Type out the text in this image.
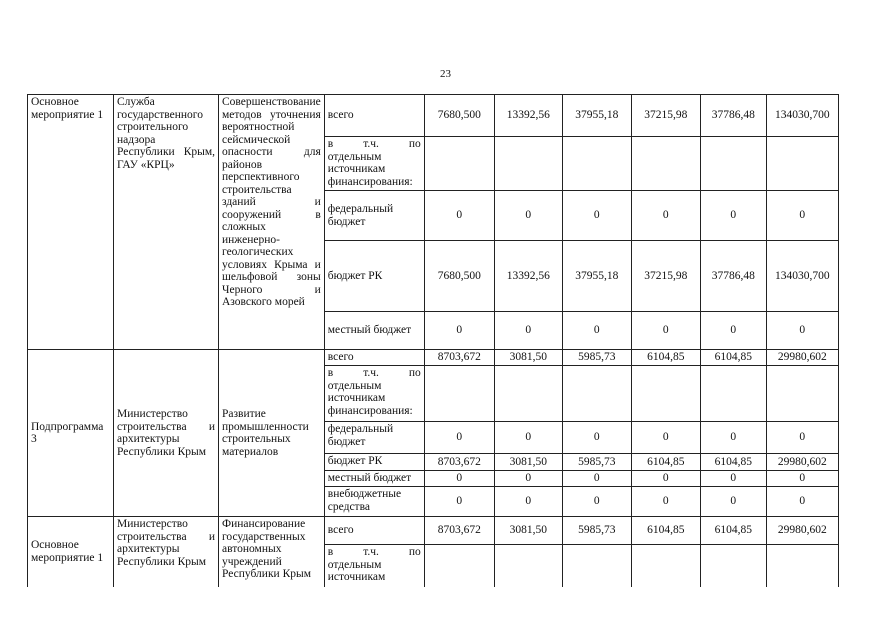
23
Основное мероприятие 1	Служба государственного строительного надзора Республики Крым, ГАУ «КРЦ»	Совершенствование методов уточнения вероятностной сейсмической опасности для районов перспективного строительства зданий и сооружений в сложных инженерно-геологических условиях Крыма и шельфовой зоны Черного и Азовского морей	всего	7680,500	13392,56	37955,18	37215,98	37786,48	134030,700

			в т.ч. по отдельным источникам финансирования:						

			федеральный бюджет	0	0	0	0	0	0
			бюджет РК	7680,500	13392,56	37955,18	37215,98	37786,48	134030,700
			местный бюджет	0	0	0	0	0	0
Подпрограмма 3	Министерство строительства и архитектуры Республики Крым	Развитие промышленности строительных материалов	всего	8703,672	3081,50	5985,73	6104,85	6104,85	29980,602

			в т.ч. по отдельным источникам финансирования:						

			федеральный бюджет	0	0	0	0	0	0
			бюджет РК	8703,672	3081,50	5985,73	6104,85	6104,85	29980,602
			местный бюджет	0	0	0	0	0	0
			внебюджетные средства	0	0	0	0	0	0
Основное мероприятие 1	Министерство строительства и архитектуры Республики Крым	Финансирование государственных автономных учреждений Республики Крым	всего	8703,672	3081,50	5985,73	6104,85	6104,85	29980,602

			в т.ч. по отдельным источникам						
